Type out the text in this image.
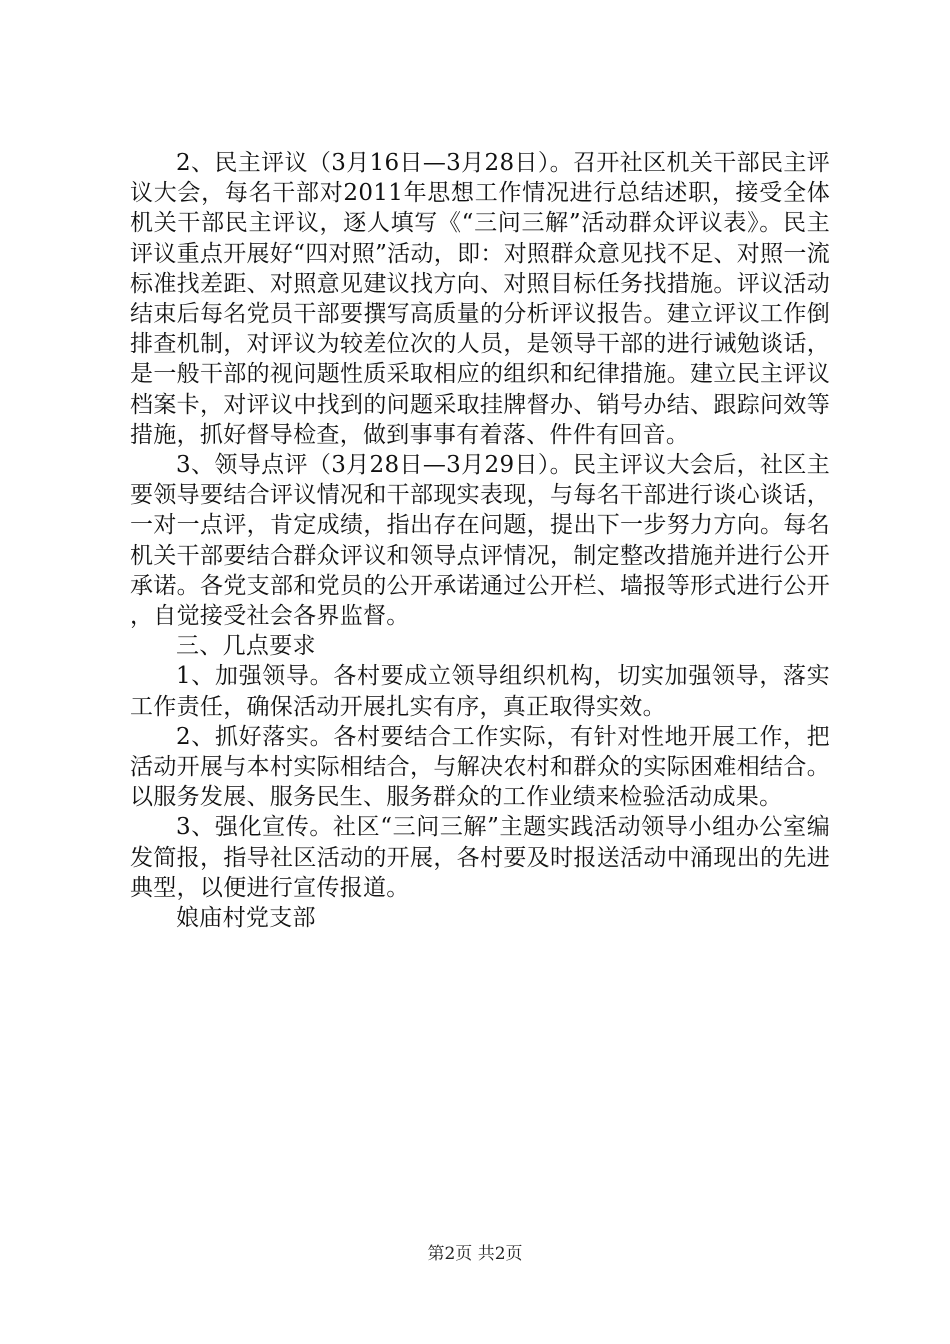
2、民主评议（3月16日—3月28日）。召开社区机关干部民主评议大会，每名干部对2011年思想工作情况进行总结述职，接受全体机关干部民主评议，逐人填写《“三问三解”活动群众评议表》。民主评议重点开展好“四对照”活动，即：对照群众意见找不足、对照一流标准找差距、对照意见建议找方向、对照目标任务找措施。评议活动结束后每名党员干部要撰写高质量的分析评议报告。建立评议工作倒排查机制，对评议为较差位次的人员，是领导干部的进行诫勉谈话，是一般干部的视问题性质采取相应的组织和纪律措施。建立民主评议档案卡，对评议中找到的问题采取挂牌督办、销号办结、跟踪问效等措施，抓好督导检查，做到事事有着落、件件有回音。

3、领导点评（3月28日—3月29日）。民主评议大会后，社区主要领导要结合评议情况和干部现实表现，与每名干部进行谈心谈话，一对一点评，肯定成绩，指出存在问题，提出下一步努力方向。每名机关干部要结合群众评议和领导点评情况，制定整改措施并进行公开承诺。各党支部和党员的公开承诺通过公开栏、墙报等形式进行公开，自觉接受社会各界监督。

三、几点要求

1、加强领导。各村要成立领导组织机构，切实加强领导，落实工作责任，确保活动开展扎实有序，真正取得实效。

2、抓好落实。各村要结合工作实际，有针对性地开展工作，把活动开展与本村实际相结合，与解决农村和群众的实际困难相结合。以服务发展、服务民生、服务群众的工作业绩来检验活动成果。

3、强化宣传。社区“三问三解”主题实践活动领导小组办公室编发简报，指导社区活动的开展，各村要及时报送活动中涌现出的先进典型，以便进行宣传报道。

娘庙村党支部

第2页 共2页
